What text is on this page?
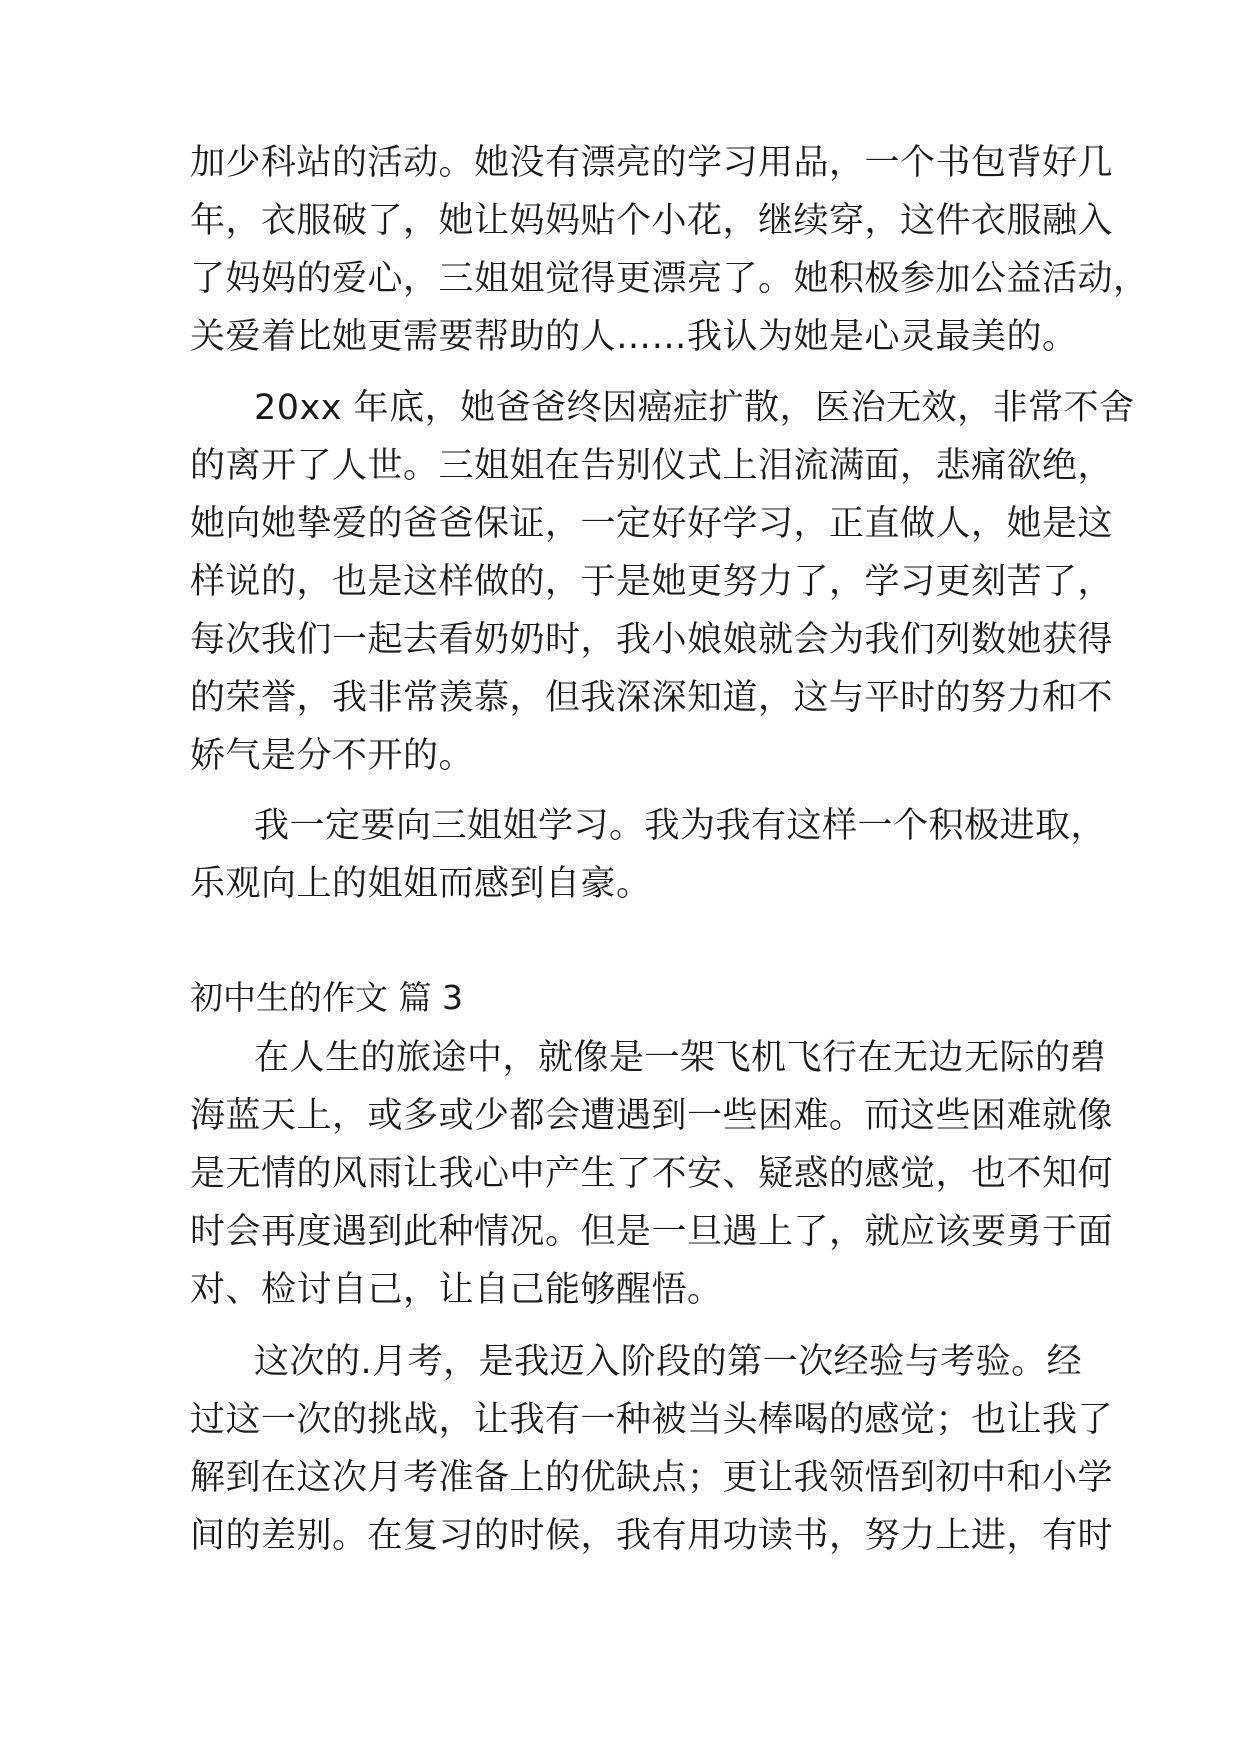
加少科站的活动。她没有漂亮的学习用品，一个书包背好几
年，衣服破了，她让妈妈贴个小花，继续穿，这件衣服融入
了妈妈的爱心，三姐姐觉得更漂亮了。她积极参加公益活动，
关爱着比她更需要帮助的人……我认为她是心灵最美的。
20xx 年底，她爸爸终因癌症扩散，医治无效，非常不舍
的离开了人世。三姐姐在告别仪式上泪流满面，悲痛欲绝，
她向她挚爱的爸爸保证，一定好好学习，正直做人，她是这
样说的，也是这样做的，于是她更努力了，学习更刻苦了，
每次我们一起去看奶奶时，我小娘娘就会为我们列数她获得
的荣誉，我非常羡慕，但我深深知道，这与平时的努力和不
娇气是分不开的。
我一定要向三姐姐学习。我为我有这样一个积极进取，
乐观向上的姐姐而感到自豪。
初中生的作文 篇 3
在人生的旅途中，就像是一架飞机飞行在无边无际的碧
海蓝天上，或多或少都会遭遇到一些困难。而这些困难就像
是无情的风雨让我心中产生了不安、疑惑的感觉，也不知何
时会再度遇到此种情况。但是一旦遇上了，就应该要勇于面
对、检讨自己，让自己能够醒悟。
这次的.月考，是我迈入阶段的第一次经验与考验。经
过这一次的挑战，让我有一种被当头棒喝的感觉；也让我了
解到在这次月考准备上的优缺点；更让我领悟到初中和小学
间的差别。在复习的时候，我有用功读书，努力上进，有时
